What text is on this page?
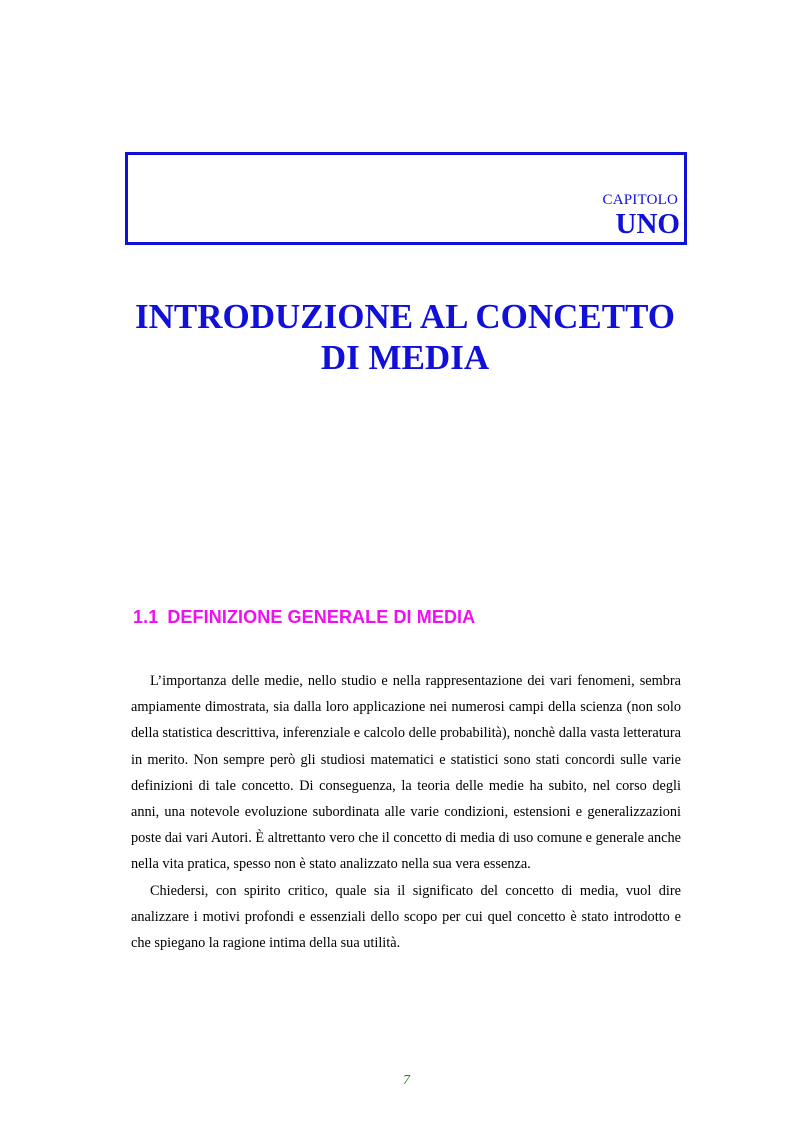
CAPITOLO
UNO
INTRODUZIONE AL CONCETTO
DI MEDIA
1.1 DEFINIZIONE GENERALE DI MEDIA

L’importanza delle medie, nello studio e nella rappresentazione dei vari fenomeni, sembra ampiamente dimostrata, sia dalla loro applicazione nei numerosi campi della scienza (non solo della statistica descrittiva, inferenziale e calcolo delle probabilità), nonchè dalla vasta letteratura in merito. Non sempre però gli studiosi matematici e statistici sono stati concordi sulle varie definizioni di tale concetto. Di conseguenza, la teoria delle medie ha subito, nel corso degli anni, una notevole evoluzione subordinata alle varie condizioni, estensioni e generalizzazioni poste dai vari Autori. È altrettanto vero che il concetto di media di uso comune e generale anche nella vita pratica, spesso non è stato analizzato nella sua vera essenza.

Chiedersi, con spirito critico, quale sia il significato del concetto di media, vuol dire analizzare i motivi profondi e essenziali dello scopo per cui quel concetto è stato introdotto e che spiegano la ragione intima della sua utilità.

7
